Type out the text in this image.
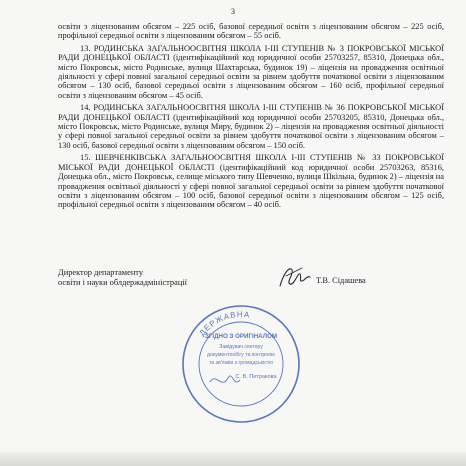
3

освіти з ліцензованим обсягом – 225 осіб, базової середньої освіти з ліцензованим обсягом – 225 осіб, профільної середньої освіти з ліцензованим обсягом – 55 осіб.

13. РОДИНСЬКА ЗАГАЛЬНООСВІТНЯ ШКОЛА І-ІІІ СТУПЕНІВ № 3 ПОКРОВСЬКОЇ МІСЬКОЇ РАДИ ДОНЕЦЬКОЇ ОБЛАСТІ (ідентифікаційний код юридичної особи 25703257, 85310, Донецька обл., місто Покровськ, місто Родинське, вулиця Шахтарська, будинок 19) – ліцензія на провадження освітньої діяльності у сфері повної загальної середньої освіти за рівнем здобуття початкової освіти з ліцензованим обсягом – 130 осіб, базової середньої освіти з ліцензованим обсягом – 160 осіб, профільної середньої освіти з ліцензованим обсягом – 45 осіб.

14. РОДИНСЬКА ЗАГАЛЬНООСВІТНЯ ШКОЛА І-ІІІ СТУПЕНІВ № 36 ПОКРОВСЬКОЇ МІСЬКОЇ РАДИ ДОНЕЦЬКОЇ ОБЛАСТІ (ідентифікаційний код юридичної особи 25703205, 85310, Донецька обл., місто Покровськ, місто Родинське, вулиця Миру, будинок 2) – ліцензія на провадження освітньої діяльності у сфері повної загальної середньої освіти за рівнем здобуття початкової освіти з ліцензованим обсягом – 130 осіб, базової середньої освіти з ліцензованим обсягом – 150 осіб.

15. ШЕВЧЕНКІВСЬКА ЗАГАЛЬНООСВІТНЯ ШКОЛА І-ІІІ СТУПЕНІВ № 33 ПОКРОВСЬКОЇ МІСЬКОЇ РАДИ ДОНЕЦЬКОЇ ОБЛАСТІ (ідентифікаційний код юридичної особи 25703263, 85316, Донецька обл., місто Покровськ, селище міського типу Шевченко, вулиця Шкільна, будинок 2) – ліцензія на провадження освітньої діяльності у сфері повної загальної середньої освіти за рівнем здобуття початкової освіти з ліцензованим обсягом – 100 осіб, базової середньої освіти з ліцензованим обсягом – 125 осіб, профільної середньої освіти з ліцензованим обсягом – 40 осіб.

Директор департаменту
освіти і науки облдержадміністрації	Т.В. Сідашева
ДЕРЖАВНА
ЗГІДНО З ОРИГІНАЛОМ
Завідувач сектору
документообігу та контролю
та зв'язків з громадськістю
С. В. Петракова
